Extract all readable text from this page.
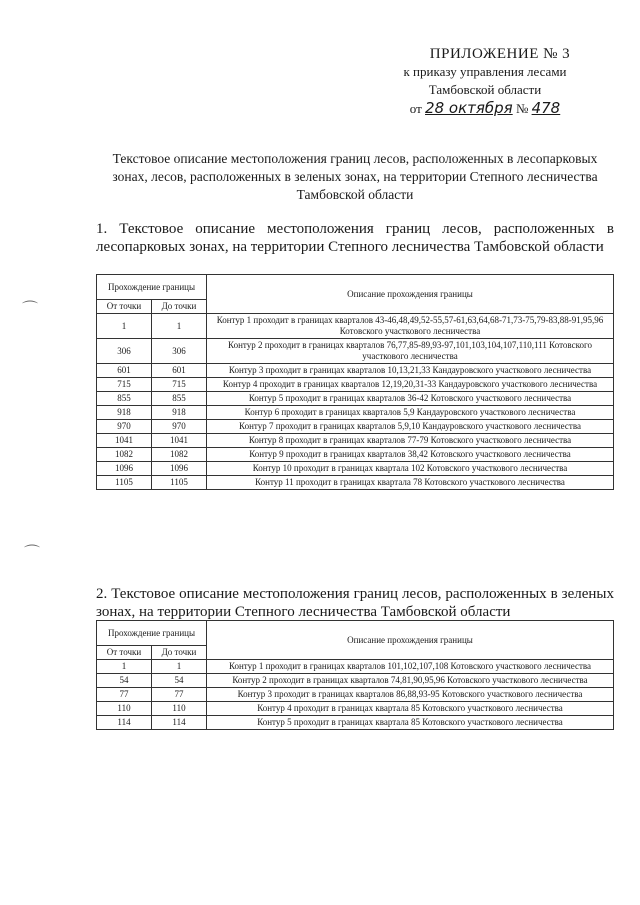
ПРИЛОЖЕНИЕ № 3
к приказу управления лесами
Тамбовской области
от 28 октября № 478
Текстовое описание местоположения границ лесов, расположенных в лесопарковых зонах, лесов, расположенных в зеленых зонах, на территории Степного лесничества Тамбовской области
1. Текстовое описание местоположения границ лесов, расположенных в лесопарковых зонах, на территории Степного лесничества Тамбовской области
Прохождение границы		Описание прохождения границы
От точки	До точки	
1	1	Контур 1 проходит в границах кварталов 43-46,48,49,52-55,57-61,63,64,68-71,73-75,79-83,88-91,95,96 Котовского участкового лесничества
306	306	Контур 2 проходит в границах кварталов 76,77,85-89,93-97,101,103,104,107,110,111 Котовского участкового лесничества
601	601	Контур 3 проходит в границах кварталов 10,13,21,33 Кандауровского участкового лесничества
715	715	Контур 4 проходит в границах кварталов 12,19,20,31-33 Кандауровского участкового лесничества
855	855	Контур 5 проходит в границах кварталов 36-42 Котовского участкового лесничества
918	918	Контур 6 проходит в границах кварталов 5,9 Кандауровского участкового лесничества
970	970	Контур 7 проходит в границах кварталов 5,9,10 Кандауровского участкового лесничества
1041	1041	Контур 8 проходит в границах кварталов 77-79 Котовского участкового лесничества
1082	1082	Контур 9 проходит в границах кварталов 38,42 Котовского участкового лесничества
1096	1096	Контур 10 проходит в границах квартала 102 Котовского участкового лесничества
1105	1105	Контур 11 проходит в границах квартала 78 Котовского участкового лесничества
2. Текстовое описание местоположения границ лесов, расположенных в зеленых зонах, на территории Степного лесничества Тамбовской области
Прохождение границы		Описание прохождения границы
От точки	До точки	
1	1	Контур 1 проходит в границах кварталов 101,102,107,108 Котовского участкового лесничества
54	54	Контур 2 проходит в границах кварталов 74,81,90,95,96 Котовского участкового лесничества
77	77	Контур 3 проходит в границах кварталов 86,88,93-95 Котовского участкового лесничества
110	110	Контур 4 проходит в границах квартала 85 Котовского участкового лесничества
114	114	Контур 5 проходит в границах квартала 85 Котовского участкового лесничества
⌒
⌒
